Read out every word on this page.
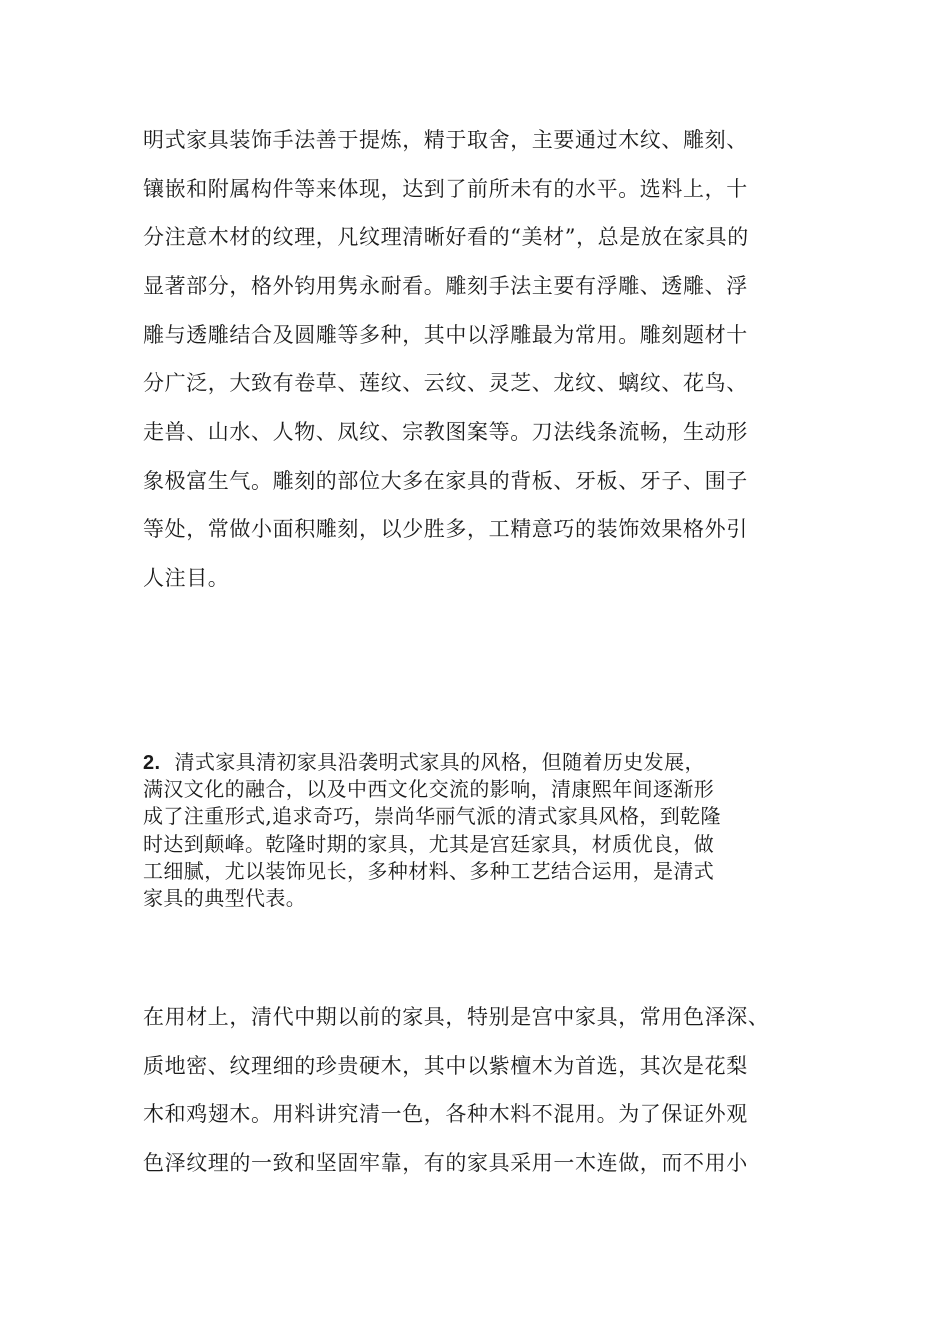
明式家具装饰手法善于提炼，精于取舍，主要通过木纹、雕刻、
镶嵌和附属构件等来体现，达到了前所未有的水平。选料上，十
分注意木材的纹理，凡纹理清晰好看的“美材”，总是放在家具的
显著部分，格外钧用隽永耐看。雕刻手法主要有浮雕、透雕、浮
雕与透雕结合及圆雕等多种，其中以浮雕最为常用。雕刻题材十
分广泛，大致有卷草、莲纹、云纹、灵芝、龙纹、螭纹、花鸟、
走兽、山水、人物、凤纹、宗教图案等。刀法线条流畅，生动形
象极富生气。雕刻的部位大多在家具的背板、牙板、牙子、围子
等处，常做小面积雕刻，以少胜多，工精意巧的装饰效果格外引
人注目。
2. 清式家具清初家具沿袭明式家具的风格，但随着历史发展，
满汉文化的融合，以及中西文化交流的影响，清康熙年间逐渐形
成了注重形式,追求奇巧，崇尚华丽气派的清式家具风格，到乾隆
时达到颠峰。乾隆时期的家具，尤其是宫廷家具，材质优良，做
工细腻，尤以装饰见长，多种材料、多种工艺结合运用，是清式
家具的典型代表。
在用材上，清代中期以前的家具，特别是宫中家具，常用色泽深、
质地密、纹理细的珍贵硬木，其中以紫檀木为首选，其次是花梨
木和鸡翅木。用料讲究清一色，各种木料不混用。为了保证外观
色泽纹理的一致和坚固牢靠，有的家具采用一木连做，而不用小
